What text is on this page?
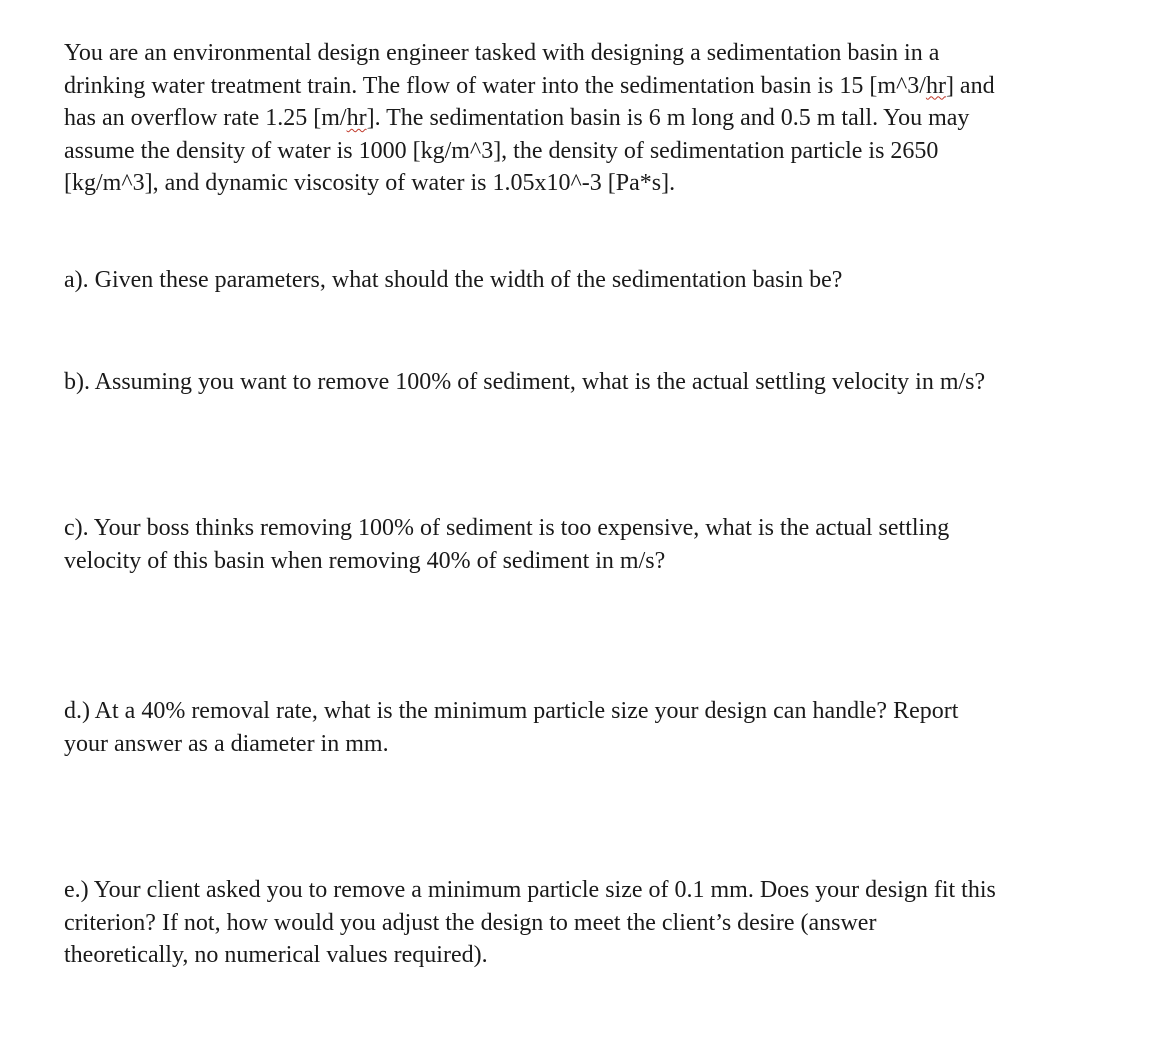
You are an environmental design engineer tasked with designing a sedimentation basin in a
drinking water treatment train. The flow of water into the sedimentation basin is 15 [m^3/hr] and
has an overflow rate 1.25 [m/hr]. The sedimentation basin is 6 m long and 0.5 m tall. You may
assume the density of water is 1000 [kg/m^3], the density of sedimentation particle is 2650
[kg/m^3], and dynamic viscosity of water is 1.05x10^-3 [Pa*s].

a). Given these parameters, what should the width of the sedimentation basin be?

b). Assuming you want to remove 100% of sediment, what is the actual settling velocity in m/s?

c). Your boss thinks removing 100% of sediment is too expensive, what is the actual settling
velocity of this basin when removing 40% of sediment in m/s?

d.) At a 40% removal rate, what is the minimum particle size your design can handle? Report
your answer as a diameter in mm.

e.) Your client asked you to remove a minimum particle size of 0.1 mm. Does your design fit this
criterion? If not, how would you adjust the design to meet the client’s desire (answer
theoretically, no numerical values required).
